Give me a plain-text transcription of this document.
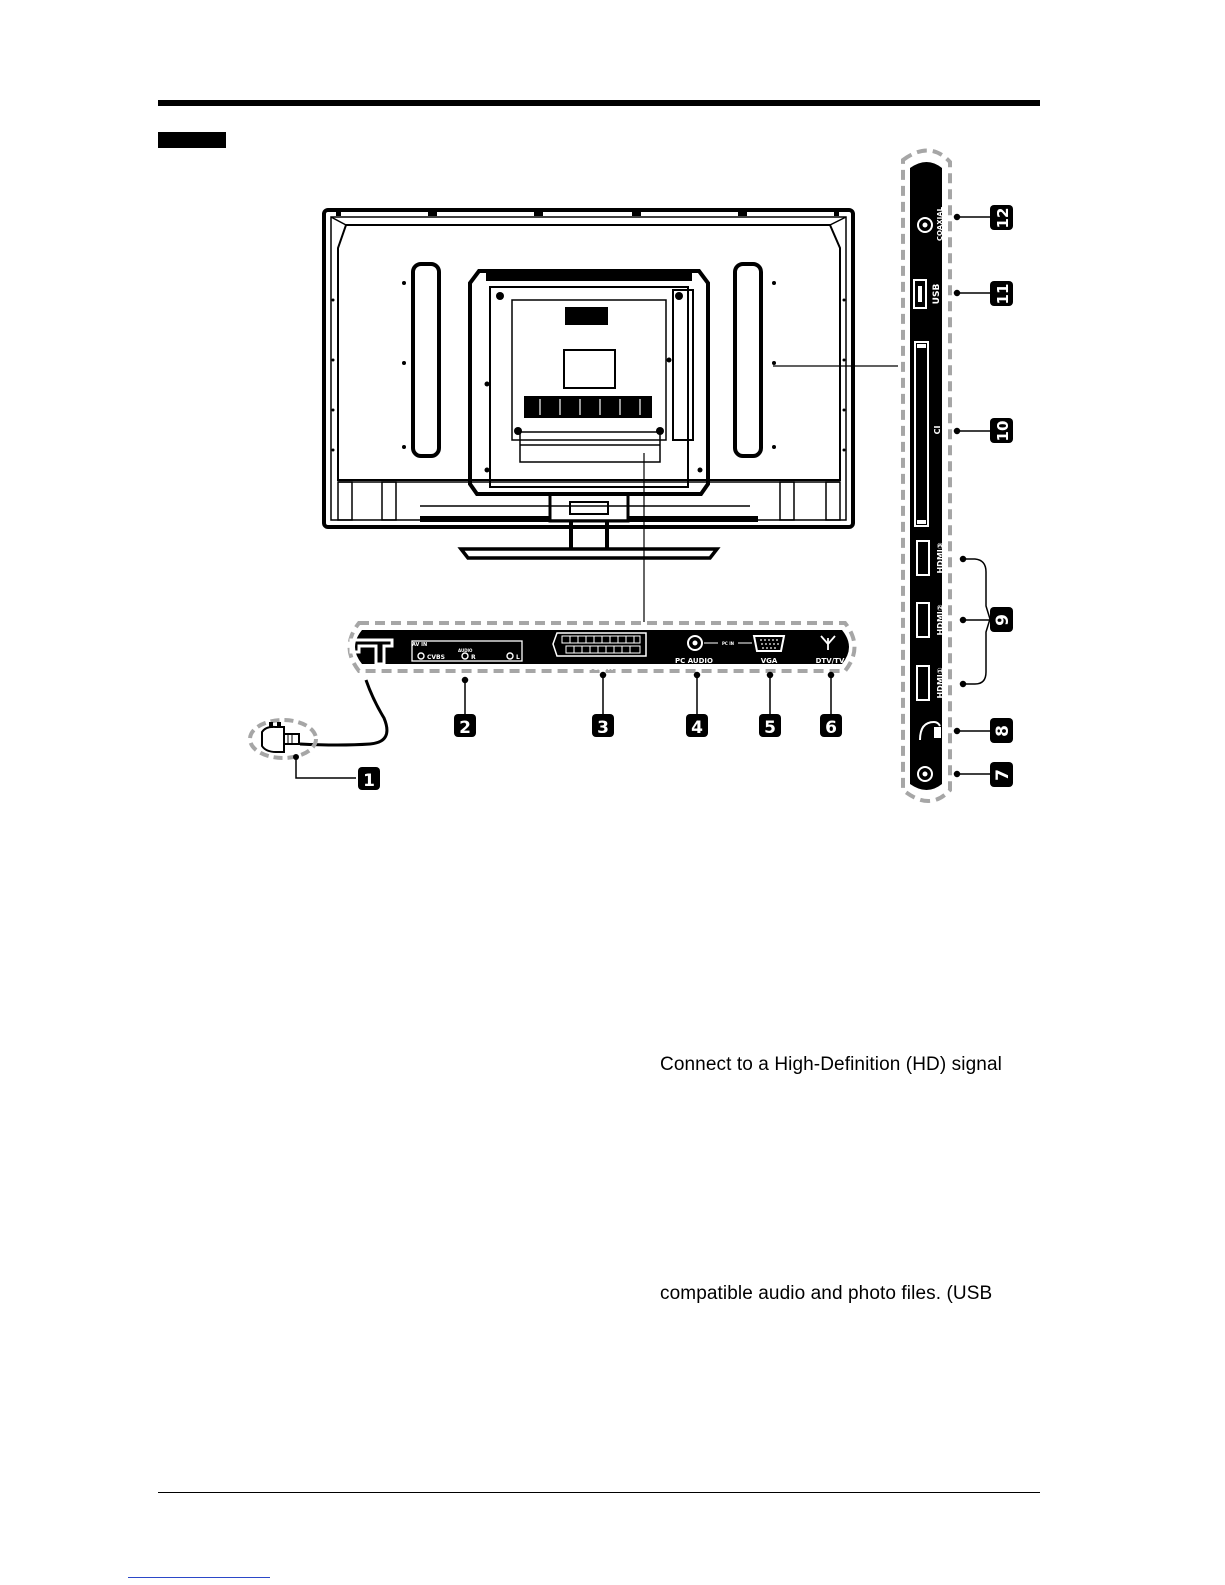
AV IN
AUDIO
CVBS	R	L
SCART
PC AUDIO
PC IN
VGA	DTV/TV
1
2	3	4	5	6
COAXIAL
USB 5V ⎓ 500mA
CI
HDMI③
HDMI②
HDMI①
12
11
10
9
8
7
Connect to a High-Definition (HD) signal
compatible audio and photo files. (USB
